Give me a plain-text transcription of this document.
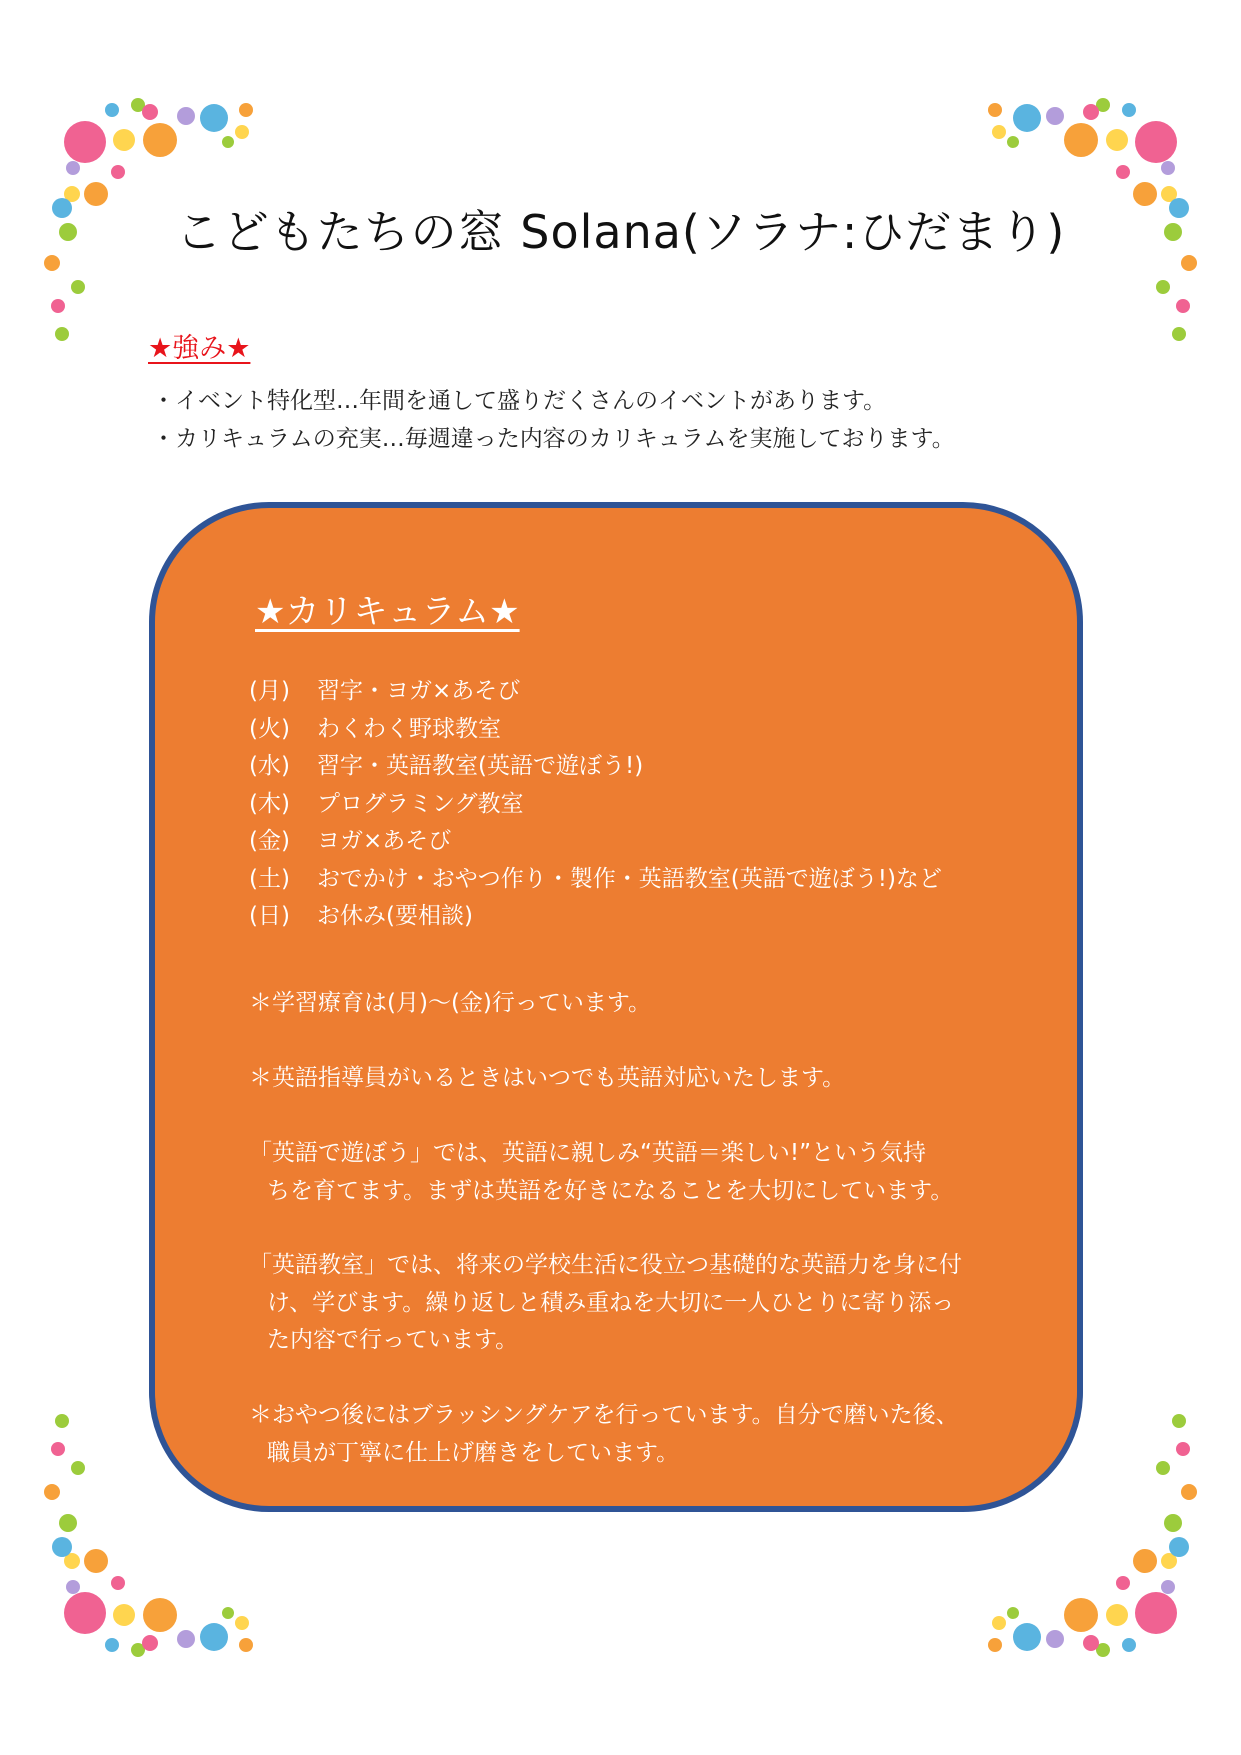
こどもたちの窓 Solana(ソラナ:ひだまり)
★強み★
・イベント特化型…年間を通して盛りだくさんのイベントがあります。
・カリキュラムの充実…毎週違った内容のカリキュラムを実施しております。
★カリキュラム★
(月) 習字・ヨガ×あそび
(火) わくわく野球教室
(水) 習字・英語教室(英語で遊ぼう!)
(木) プログラミング教室
(金) ヨガ×あそび
(土) おでかけ・おやつ作り・製作・英語教室(英語で遊ぼう!)など
(日) お休み(要相談)

＊学習療育は(月)〜(金)行っています。

＊英語指導員がいるときはいつでも英語対応いたします。

「英語で遊ぼう」では、英語に親しみ“英語＝楽しい!”という気持

ちを育てます。まずは英語を好きになることを大切にしています。

「英語教室」では、将来の学校生活に役立つ基礎的な英語力を身に付

け、学びます。繰り返しと積み重ねを大切に一人ひとりに寄り添っ

た内容で行っています。

＊おやつ後にはブラッシングケアを行っています。自分で磨いた後、

職員が丁寧に仕上げ磨きをしています。
